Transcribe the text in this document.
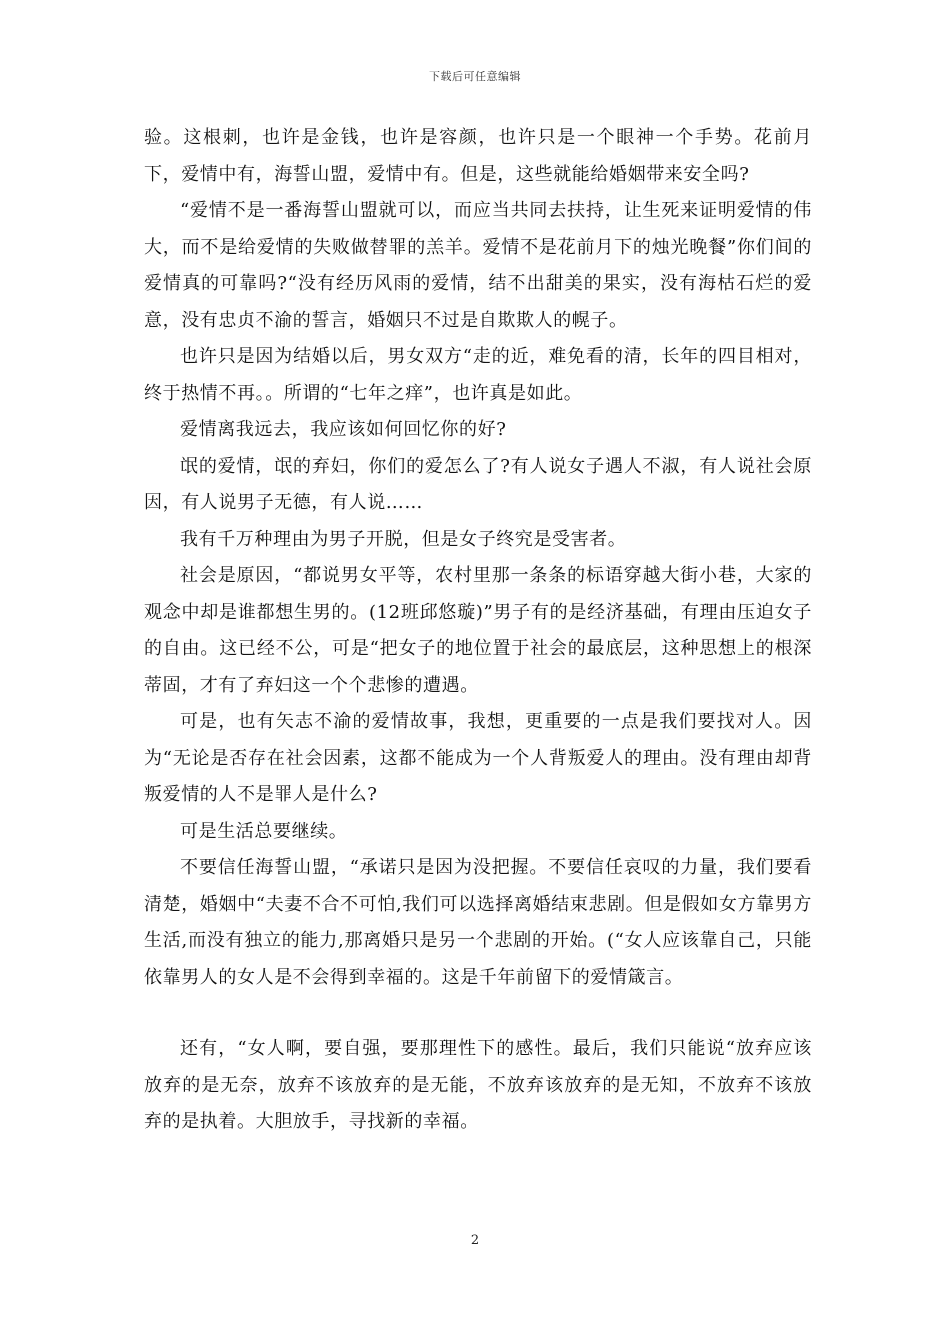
下载后可任意编辑

验。这根刺，也许是金钱，也许是容颜，也许只是一个眼神一个手势。花前月下，爱情中有，海誓山盟，爱情中有。但是，这些就能给婚姻带来安全吗?

“爱情不是一番海誓山盟就可以，而应当共同去扶持，让生死来证明爱情的伟大，而不是给爱情的失败做替罪的羔羊。爱情不是花前月下的烛光晚餐”你们间的爱情真的可靠吗?“没有经历风雨的爱情，结不出甜美的果实，没有海枯石烂的爱意，没有忠贞不渝的誓言，婚姻只不过是自欺欺人的幌子。

也许只是因为结婚以后，男女双方“走的近，难免看的清，长年的四目相对，终于热情不再。。所谓的“七年之痒”，也许真是如此。

爱情离我远去，我应该如何回忆你的好?

氓的爱情，氓的弃妇，你们的爱怎么了?有人说女子遇人不淑，有人说社会原因，有人说男子无德，有人说……

我有千万种理由为男子开脱，但是女子终究是受害者。

社会是原因，“都说男女平等，农村里那一条条的标语穿越大街小巷，大家的观念中却是谁都想生男的。(12班邱悠璇)”男子有的是经济基础，有理由压迫女子的自由。这已经不公，可是“把女子的地位置于社会的最底层，这种思想上的根深蒂固，才有了弃妇这一个个悲惨的遭遇。

可是，也有矢志不渝的爱情故事，我想，更重要的一点是我们要找对人。因为“无论是否存在社会因素，这都不能成为一个人背叛爱人的理由。没有理由却背叛爱情的人不是罪人是什么?

可是生活总要继续。

不要信任海誓山盟，“承诺只是因为没把握。不要信任哀叹的力量，我们要看清楚，婚姻中“夫妻不合不可怕,我们可以选择离婚结束悲剧。但是假如女方靠男方生活,而没有独立的能力,那离婚只是另一个悲剧的开始。(“女人应该靠自己，只能依靠男人的女人是不会得到幸福的。这是千年前留下的爱情箴言。

还有，“女人啊，要自强，要那理性下的感性。最后，我们只能说“放弃应该放弃的是无奈，放弃不该放弃的是无能，不放弃该放弃的是无知，不放弃不该放弃的是执着。大胆放手，寻找新的幸福。

2
